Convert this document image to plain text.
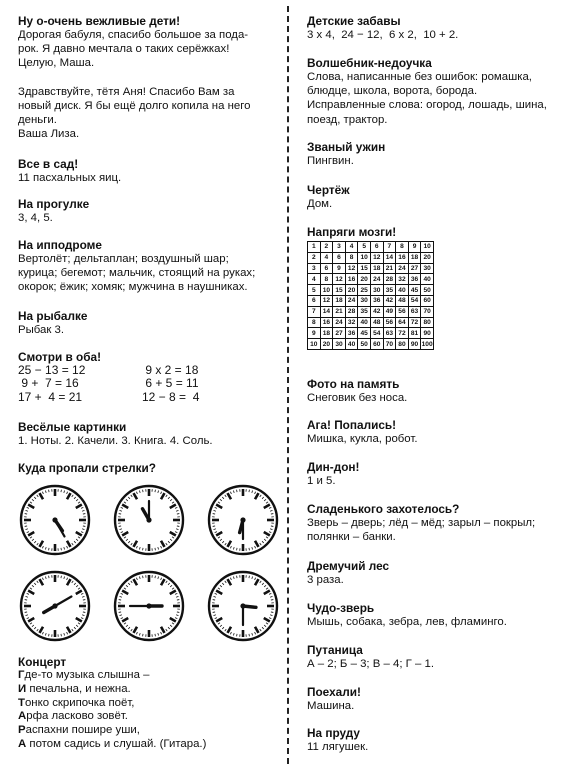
Ну о-очень вежливые дети!

Дорогая бабуля, спасибо большое за пода-

рок. Я давно мечтала о таких серёжках!

Целую, Маша.

Здравствуйте, тётя Аня! Спасибо Вам за

новый диск. Я бы ещё долго копила на него

деньги.

Ваша Лиза.

Все в сад!

11 пасхальных яиц.

На прогулке

3, 4, 5.

На ипподроме

Вертолёт; дельтаплан; воздушный шар;

курица; бегемот; мальчик, стоящий на руках;

окорок; ёжик; хомяк; мужчина в наушниках.

На рыбалке

Рыбак 3.

Смотри в оба!
25 − 13 = 12	9 x 2 = 18
9 +  7 = 16	6 + 5 = 11
17 +  4 = 21	12 − 8 =  4
Весёлые картинки

1. Ноты. 2. Качели. 3. Книга. 4. Соль.

Куда пропали стрелки?
Концерт

Где-то музыка слышна –

И печальна, и нежна.

Тонко скрипочка поёт,

Арфа ласково зовёт.

Распахни пошире уши,

А потом садись и слушай. (Гитара.)

Детские забавы

3 x 4,  24 − 12,  6 x 2,  10 + 2.

Волшебник-недоучка

Слова, написанные без ошибок: ромашка,

блюдце, школа, ворота, борода.

Исправленные слова: огород, лошадь, шина,

поезд, трактор.

Званый ужин

Пингвин.

Чертёж

Дом.

Напряги мозги!
1	2	3	4	5	6	7	8	9	10
2	4	6	8	10	12	14	16	18	20
3	6	9	12	15	18	21	24	27	30
4	8	12	16	20	24	28	32	36	40
5	10	15	20	25	30	35	40	45	50
6	12	18	24	30	36	42	48	54	60
7	14	21	28	35	42	49	56	63	70
8	16	24	32	40	48	56	64	72	80
9	18	27	36	45	54	63	72	81	90
10	20	30	40	50	60	70	80	90	100
Фото на память

Снеговик без носа.

Ага! Попались!

Мишка, кукла, робот.

Дин-дон!

1 и 5.

Сладенького захотелось?

Зверь – дверь; лёд – мёд; зарыл – покрыл;

полянки – банки.

Дремучий лес

3 раза.

Чудо-зверь

Мышь, собака, зебра, лев, фламинго.

Путаница

А – 2; Б – 3; В – 4; Г – 1.

Поехали!

Машина.

На пруду

11 лягушек.
